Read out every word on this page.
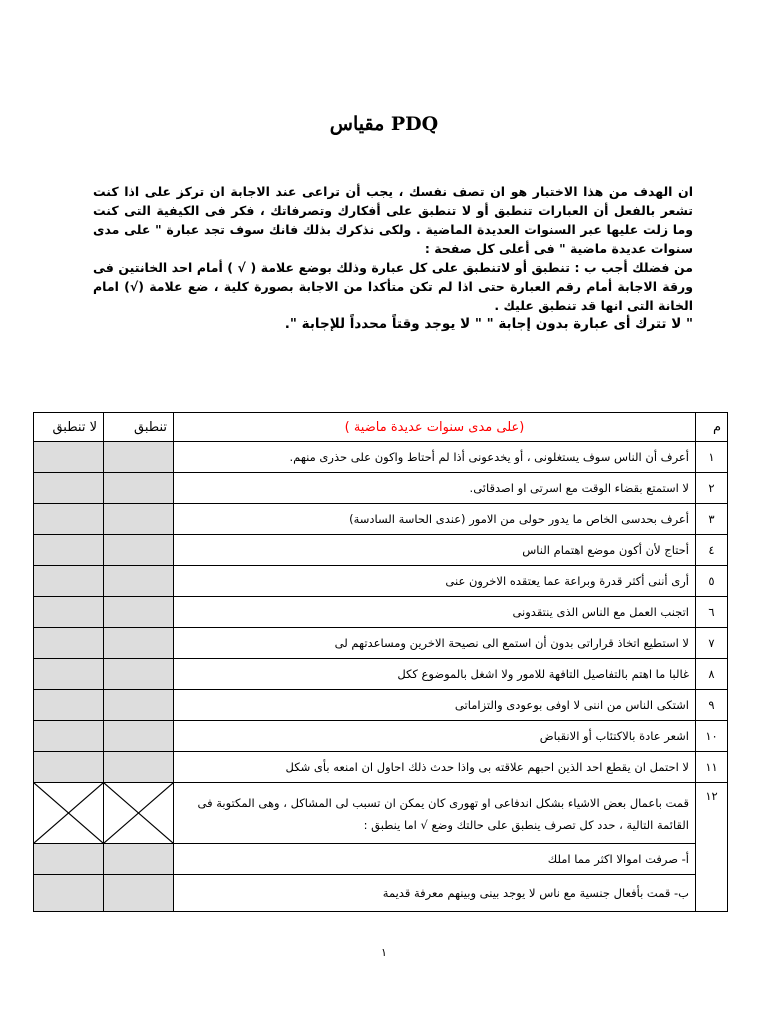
مقياس PDQ

ان الهدف من هذا الاختبار هو ان تصف نفسك ، يجب أن تراعى عند الاجابة ان تركز على اذا كنت تشعر بالفعل أن العبارات تنطبق أو لا تنطبق على أفكارك وتصرفاتك ، فكر فى الكيفية التى كنت وما زلت عليها عبر السنوات العديدة الماضية . ولكى نذكرك بذلك فانك سوف تجد عبارة " على مدى سنوات عديدة ماضية " فى أعلى كل صفحة :

من فضلك أجب ب : تنطبق أو لاتنطبق على كل عبارة وذلك بوضع علامة ( √ ) أمام احد الخانتين فى ورقة الاجابة أمام رقم العبارة حتى اذا لم تكن متأكدا من الاجابة بصورة كلية ، ضع علامة (√) امام الخانة التى انها قد تنطبق عليك .

" لا تترك أى عبارة بدون إجابة " " لا يوجد وقتاً محدداً للإجابة ".

م	(على مدى سنوات عديدة ماضية )	تنطبق	لا تنطبق
١	أعرف أن الناس سوف يستغلونى ، أو يخدعونى أذا لم أحتاط واكون على حذرى منهم.		
٢	لا استمتع بقضاء الوقت مع اسرتى او اصدقائى.		
٣	أعرف بحدسى الخاص ما يدور حولى من الامور (عندى الحاسة السادسة)		
٤	أحتاج لأن أكون موضع اهتمام الناس		
٥	أرى أننى أكثر قدرة وبراعة عما يعتقده الاخرون عنى		
٦	اتجنب العمل مع الناس الذى ينتقدونى		
٧	لا استطيع اتخاذ قراراتى بدون أن استمع الى نصيحة الاخرين ومساعدتهم لى		
٨	غالبا ما اهتم بالتفاصيل التافهة للامور ولا اشغل بالموضوع ككل		
٩	اشتكى الناس من اننى لا اوفى بوعودى والتزاماتى		
١٠	اشعر عادة بالاكتئاب أو الانقباض		
١١	لا احتمل ان يقطع احد الذين احبهم علاقته بى واذا حدث ذلك احاول ان امنعه بأى شكل		
١٢	قمت باعمال بعض الاشياء بشكل اندفاعى او تهورى كان يمكن ان تسبب لى المشاكل ، وهى المكتوبة فى القائمة التالية ، حدد كل تصرف ينطبق على حالتك وضع √ اما ينطبق :	

	أ- صرفت اموالا اكثر مما املك		
	ب- قمت بأفعال جنسية مع ناس لا يوجد بينى وبينهم معرفة قديمة		
١
